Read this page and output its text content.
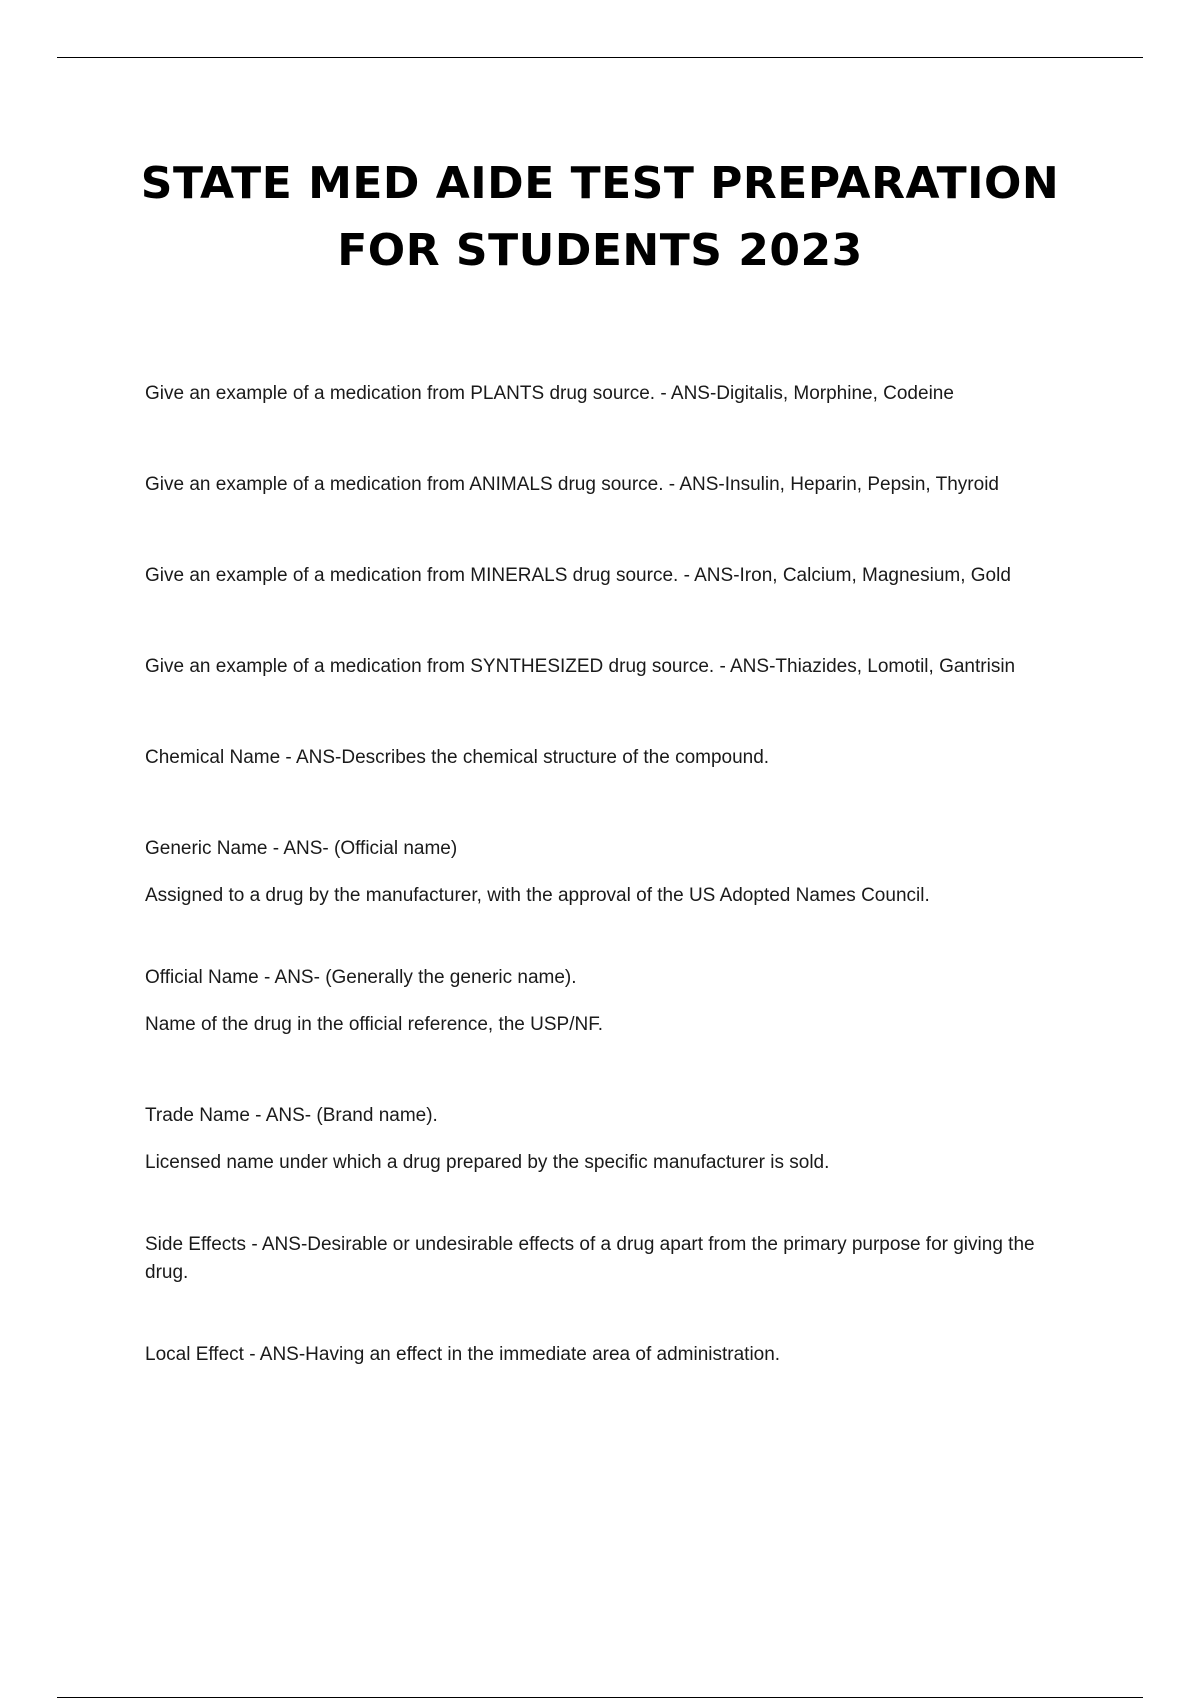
STATE MED AIDE TEST PREPARATION
FOR STUDENTS 2023

Give an example of a medication from PLANTS drug source. - ANS-Digitalis, Morphine, Codeine

Give an example of a medication from ANIMALS drug source. - ANS-Insulin, Heparin, Pepsin, Thyroid

Give an example of a medication from MINERALS drug source. - ANS-Iron, Calcium, Magnesium, Gold

Give an example of a medication from SYNTHESIZED drug source. - ANS-Thiazides, Lomotil, Gantrisin

Chemical Name - ANS-Describes the chemical structure of the compound.

Generic Name - ANS- (Official name)

Assigned to a drug by the manufacturer, with the approval of the US Adopted Names Council.

Official Name - ANS- (Generally the generic name).

Name of the drug in the official reference, the USP/NF.

Trade Name - ANS- (Brand name).

Licensed name under which a drug prepared by the specific manufacturer is sold.

Side Effects - ANS-Desirable or undesirable effects of a drug apart from the primary purpose for giving the drug.

Local Effect - ANS-Having an effect in the immediate area of administration.
